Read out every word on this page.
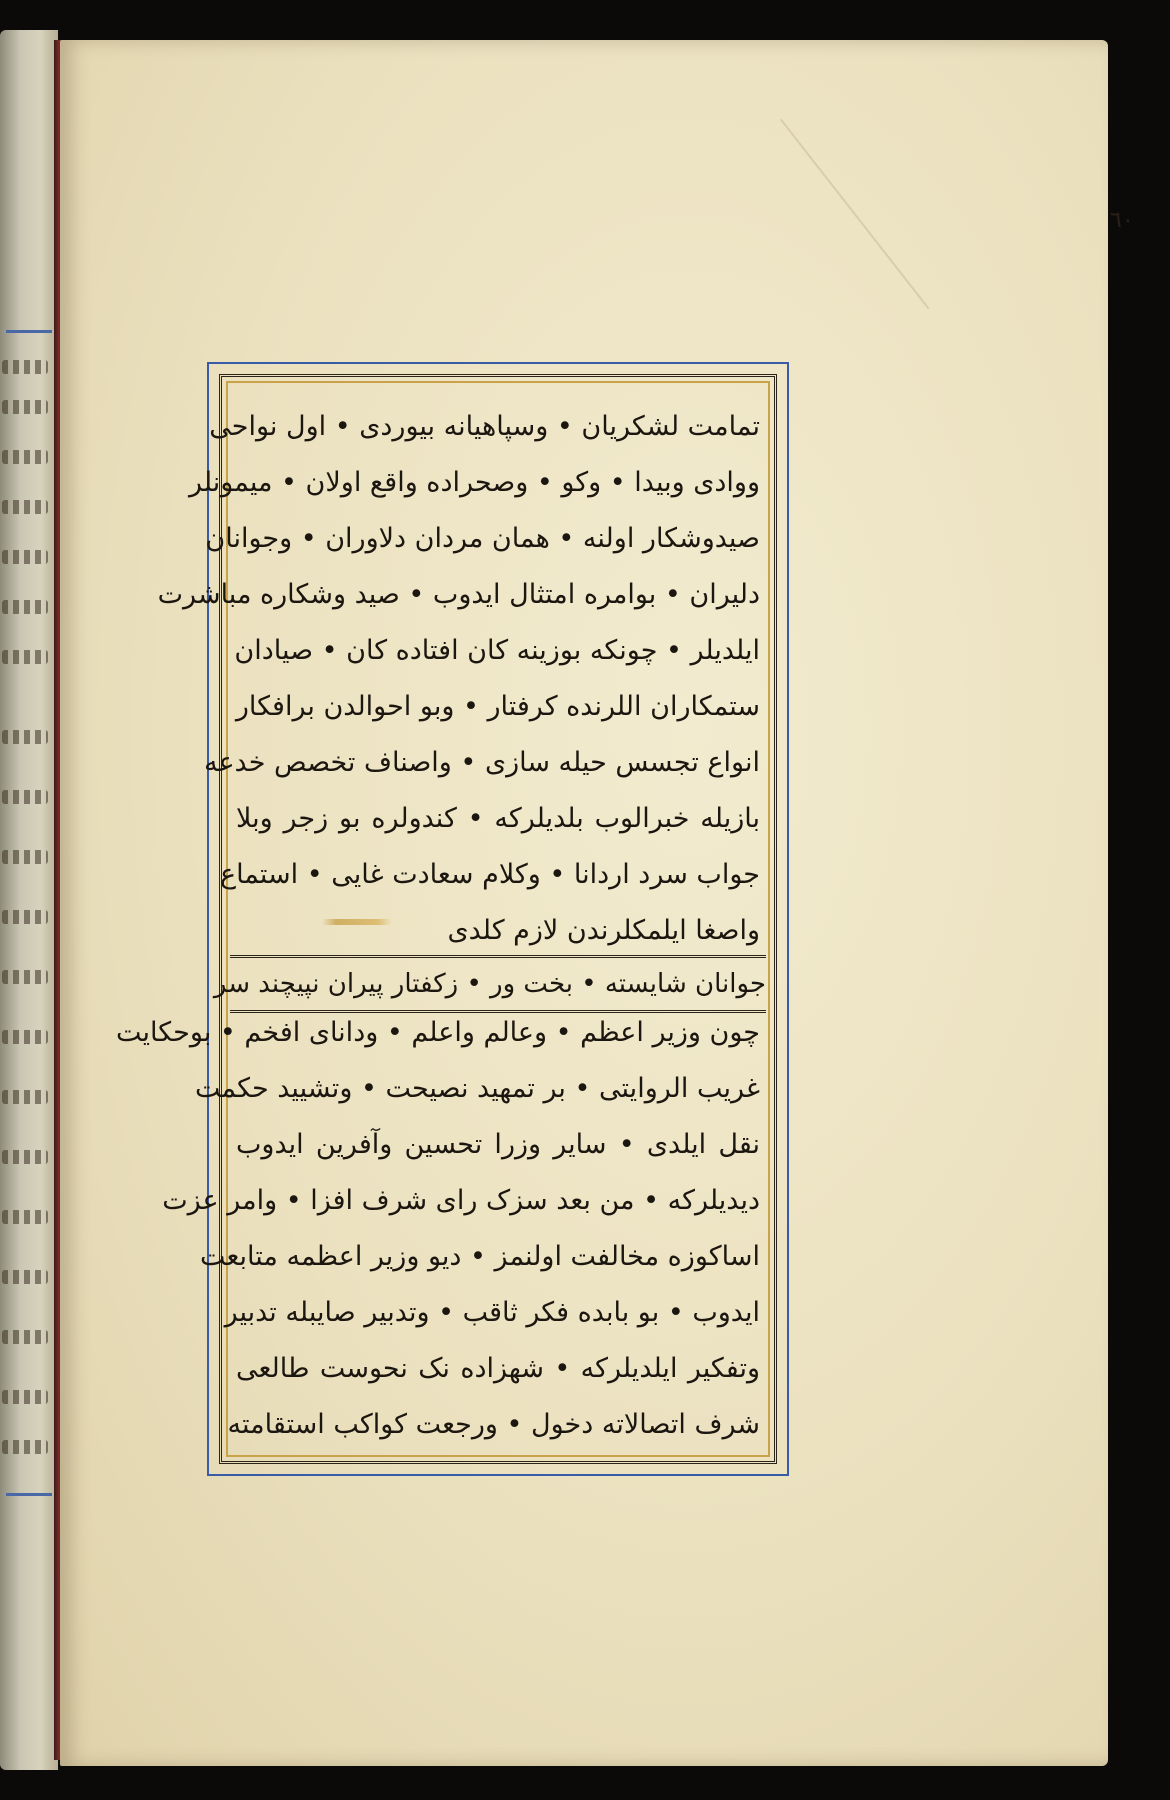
٦٠
تمامت لشکریان • وسپاهیانه بیوردی • اول نواحی
ووادی وبیدا • وکو • وصحراده واقع اولان • میمونلر
صیدوشکار اولنه • همان مردان دلاوران • وجوانان
دلیران • بوامره امتثال ایدوب • صید وشکاره مباشرت
ایلدیلر • چونکه بوزینه کان افتاده کان • صیادان
ستمکاران اللرنده کرفتار • وبو احوالدن برافکار
انواع تجسس حیله سازی • واصناف تخصص خدعه
بازیله خبرالوب بلدیلرکه • کندولره بو زجر وبلا
جواب سرد اردانا • وکلام سعادت غایی • استماع
واصغا ایلمکلرندن لازم کلدی
جوانان شایسته • بخت ور • زکفتار پیران نپیچند سر
چون وزیر اعظم • وعالم واعلم • ودانای افخم • بوحکایت
غریب الروایتی • بر تمهید نصیحت • وتشیید حکمت
نقل ایلدی • سایر وزرا تحسین وآفرین ایدوب
دیدیلرکه • من بعد سزک رای شرف افزا • وامر عزت
اساکوزه مخالفت اولنمز • دیو وزیر اعظمه متابعت
ایدوب • بو بابده فکر ثاقب • وتدبیر صایبله تدبیر
وتفکیر ایلدیلرکه • شهزاده نک نحوست طالعی
شرف اتصالاته دخول • ورجعت کواکب استقامته
